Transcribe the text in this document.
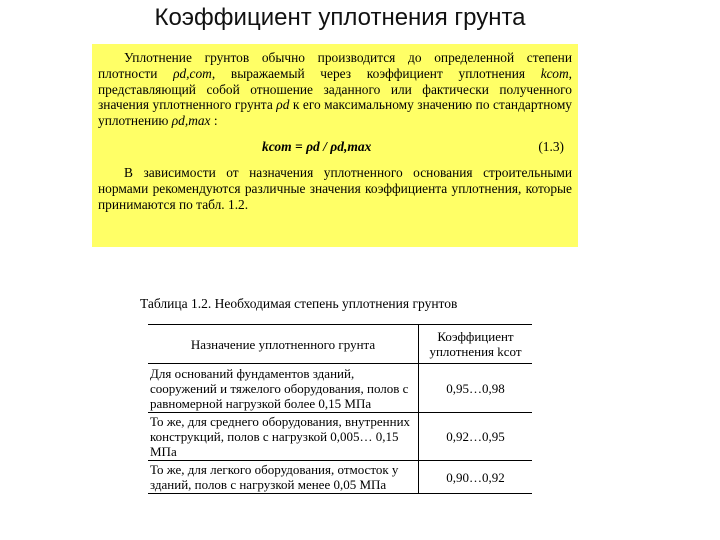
Коэффициент уплотнения грунта

Уплотнение грунтов обычно производится до определенной степени плотности ρd,com, выражаемый через коэффициент уплотнения kсот, представляющий собой отношение заданного или фактически полученного значения уплотненного грунта ρd к его максимальному значению по стандартному уплотнению ρd,max :

kсот = ρd / ρd,max	(1.3)

В зависимости от назначения уплотненного основания строительными нормами рекомендуются различные значения коэффициента уплотнения, которые принимаются по табл. 1.2.

Таблица 1.2. Необходимая степень уплотнения грунтов
Назначение уплотненного грунта	Коэффициент уплотнения kсот
Для оснований фундаментов зданий, сооружений и тяжелого оборудования, полов с равномерной нагрузкой более 0,15 МПа	0,95…0,98
То же, для среднего оборудования, внутренних конструкций, полов с нагрузкой 0,005… 0,15 МПа	0,92…0,95
То же, для легкого оборудования, отмосток у зданий, полов с нагрузкой менее 0,05 МПа	0,90…0,92
